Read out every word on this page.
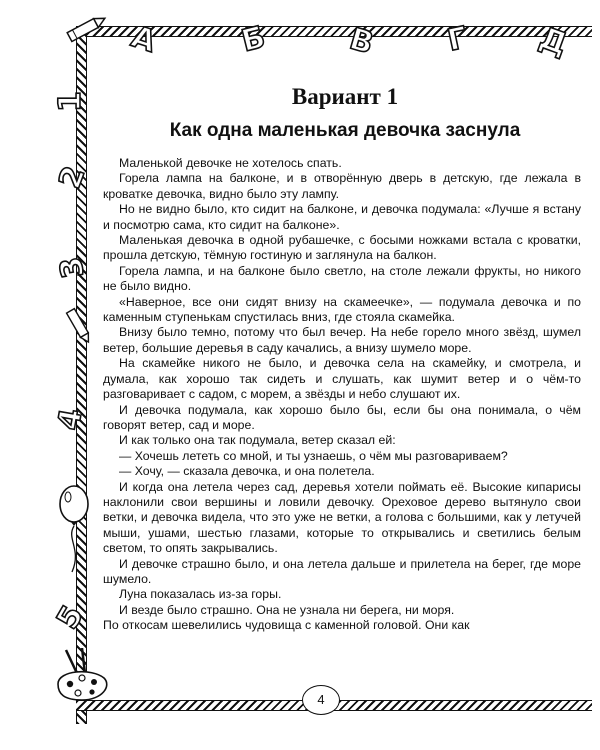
А	Б	В Г Д
1
2
3
4
5
Вариант 1
Как одна маленькая девочка заснула

Маленькой девочке не хотелось спать.

Горела лампа на балконе, и в отворённую дверь в детскую, где лежала в кроватке девочка, видно было эту лампу.

Но не видно было, кто сидит на балконе, и девочка подумала: «Лучше я встану и посмотрю сама, кто сидит на балконе».

Маленькая девочка в одной рубашечке, с босыми ножками встала с кроватки, прошла детскую, тёмную гостиную и заглянула на балкон.

Горела лампа, и на балконе было светло, на столе лежали фрукты, но никого не было видно.

«Наверное, все они сидят внизу на скамеечке», — подумала девочка и по каменным ступенькам спустилась вниз, где стояла скамейка.

Внизу было темно, потому что был вечер. На небе горело много звёзд, шумел ветер, большие деревья в саду качались, а внизу шумело море.

На скамейке никого не было, и девочка села на скамейку, и смотрела, и думала, как хорошо так сидеть и слушать, как шумит ветер и о чём-то разговаривает с садом, с морем, а звёзды и небо слушают их.

И девочка подумала, как хорошо было бы, если бы она понимала, о чём говорят ветер, сад и море.

И как только она так подумала, ветер сказал ей:

— Хочешь лететь со мной, и ты узнаешь, о чём мы разговариваем?

— Хочу, — сказала девочка, и она полетела.

И когда она летела через сад, деревья хотели поймать её. Высокие кипарисы наклонили свои вершины и ловили девочку. Ореховое дерево вытянуло свои ветки, и девочка видела, что это уже не ветки, а голова с большими, как у летучей мыши, ушами, шестью глазами, которые то открывались и светились белым светом, то опять закрывались.

И девочке страшно было, и она летела дальше и прилетела на берег, где море шумело.

Луна показалась из-за горы.

И везде было страшно. Она не узнала ни берега, ни моря.

По откосам шевелились чудовища с каменной головой. Они как

4
